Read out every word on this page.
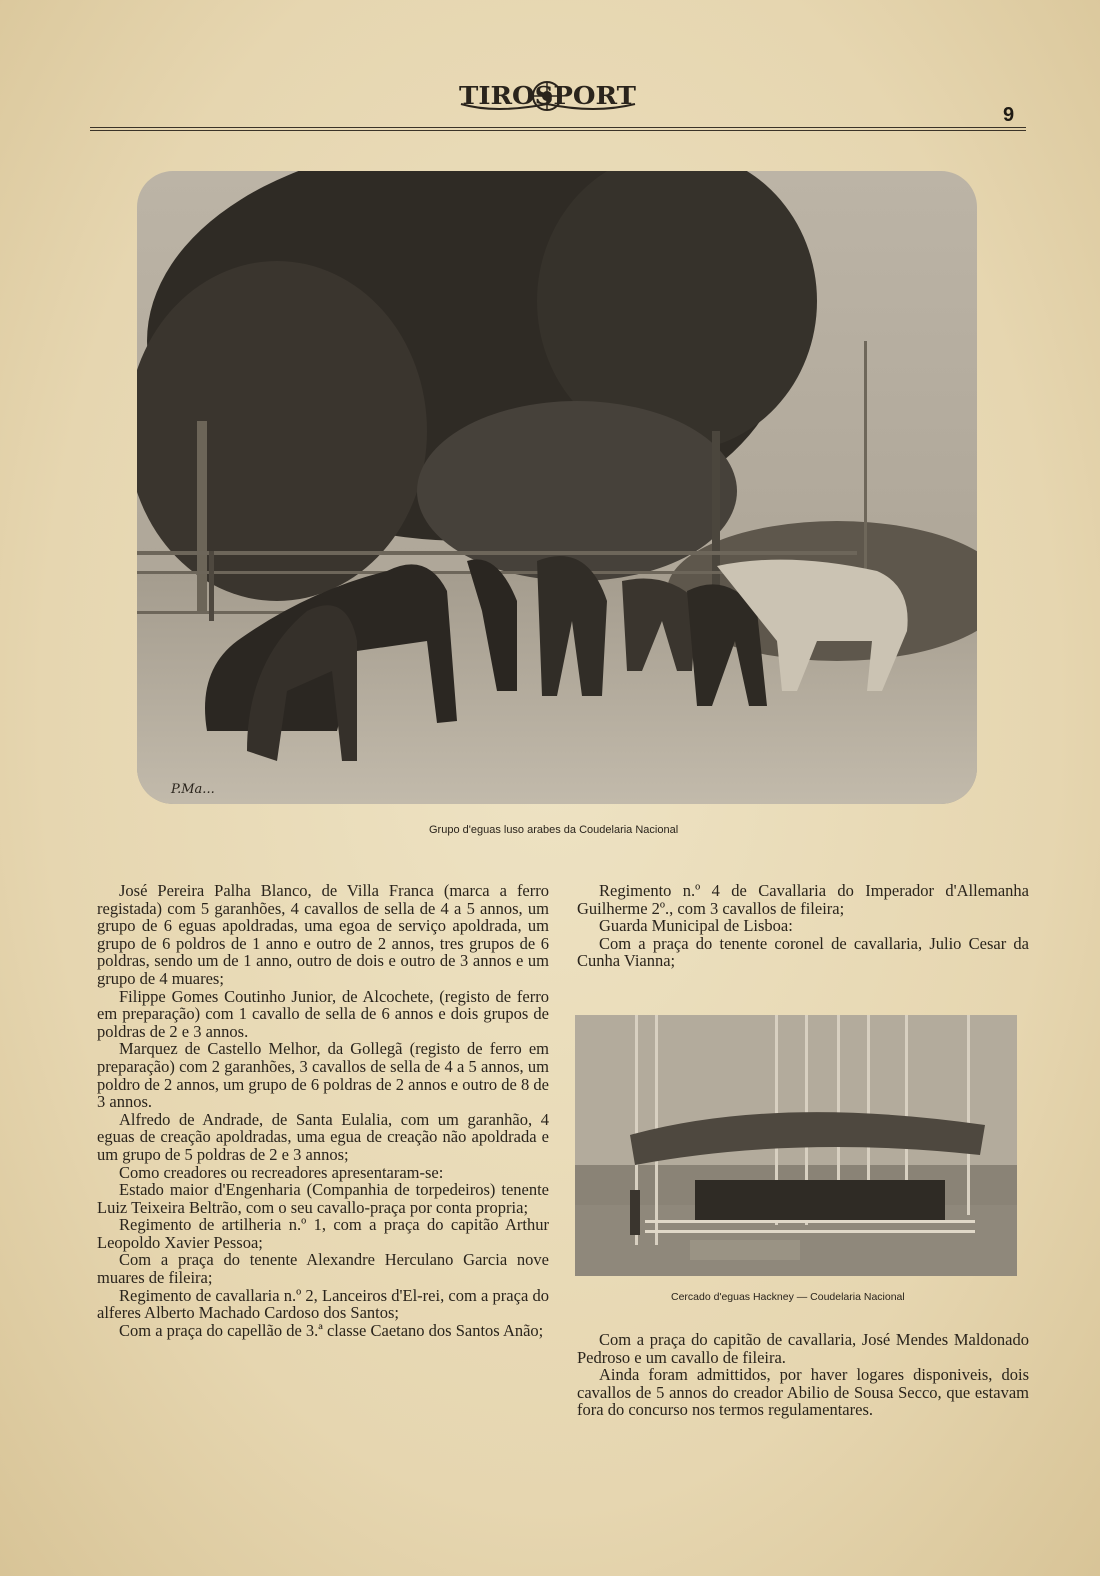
TIROSPORT
9
P.Ma...
Grupo d'eguas luso arabes da Coudelaria Nacional

José Pereira Palha Blanco, de Villa Franca (marca a ferro registada) com 5 garanhões, 4 cavallos de sella de 4 a 5 annos, um grupo de 6 eguas apoldradas, uma egoa de serviço apoldrada, um grupo de 6 poldros de 1 anno e outro de 2 annos, tres grupos de 6 poldras, sendo um de 1 anno, outro de dois e outro de 3 annos e um grupo de 4 muares;

Filippe Gomes Coutinho Junior, de Alcochete, (registo de ferro em preparação) com 1 cavallo de sella de 6 annos e dois grupos de poldras de 2 e 3 annos.

Marquez de Castello Melhor, da Gollegã (registo de ferro em preparação) com 2 garanhões, 3 cavallos de sella de 4 a 5 annos, um poldro de 2 annos, um grupo de 6 poldras de 2 annos e outro de 8 de 3 annos.

Alfredo de Andrade, de Santa Eulalia, com um garanhão, 4 eguas de creação apoldradas, uma egua de creação não apoldrada e um grupo de 5 poldras de 2 e 3 annos;

Como creadores ou recreadores apresentaram-se:

Estado maior d'Engenharia (Companhia de torpedeiros) tenente Luiz Teixeira Beltrão, com o seu cavallo-praça por conta propria;

Regimento de artilheria n.º 1, com a praça do capitão Arthur Leopoldo Xavier Pessoa;

Com a praça do tenente Alexandre Herculano Garcia nove muares de fileira;

Regimento de cavallaria n.º 2, Lanceiros d'El-rei, com a praça do alferes Alberto Machado Cardoso dos Santos;

Com a praça do capellão de 3.ª classe Caetano dos Santos Anão;

Regimento n.º 4 de Cavallaria do Imperador d'Allemanha Guilherme 2º., com 3 cavallos de fileira;

Guarda Municipal de Lisboa:

Com a praça do tenente coronel de cavallaria, Julio Cesar da Cunha Vianna;

Cercado d'eguas Hackney — Coudelaria Nacional

Com a praça do capitão de cavallaria, José Mendes Maldonado Pedroso e um cavallo de fileira.

Ainda foram admittidos, por haver logares disponiveis, dois cavallos de 5 annos do creador Abilio de Sousa Secco, que estavam fora do concurso nos termos regulamentares.
